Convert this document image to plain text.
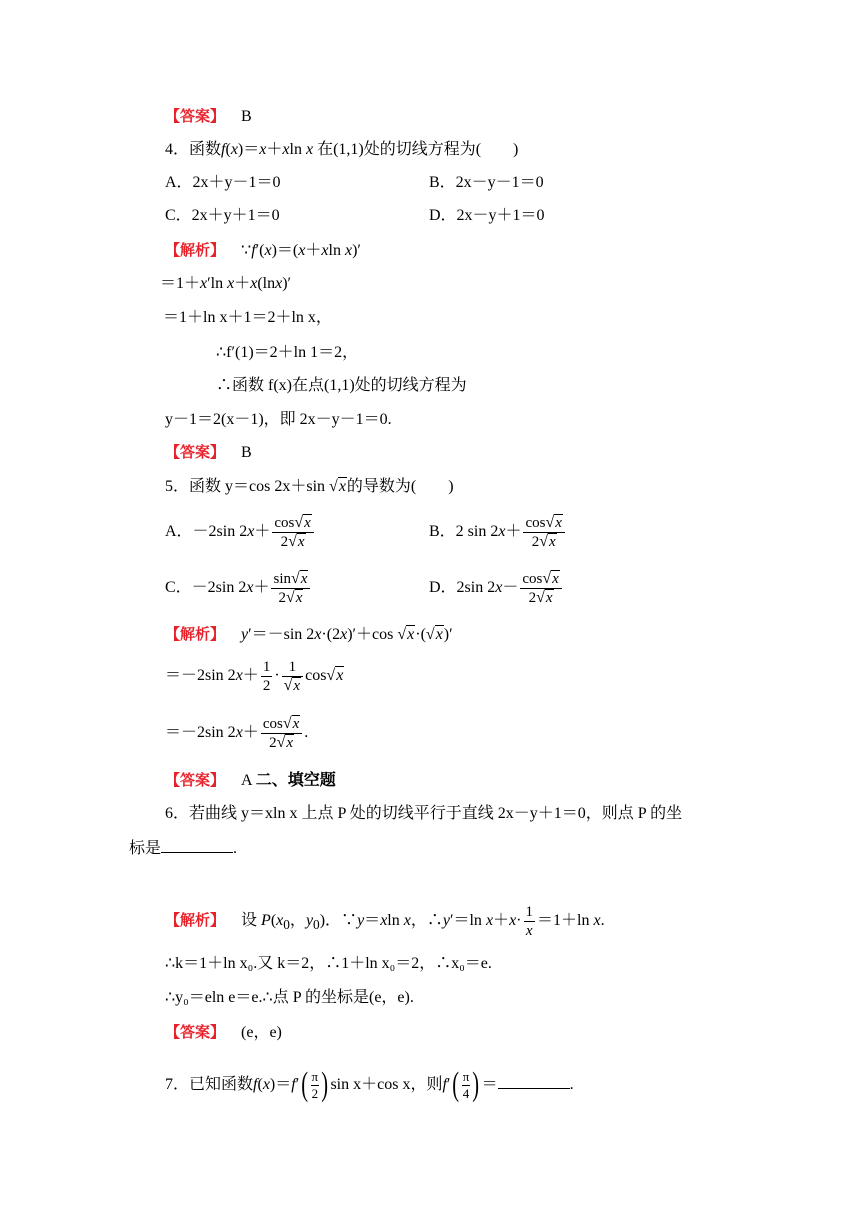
【答案】 B
4．函数f(x)＝x＋xln x 在(1,1)处的切线方程为(　　)
A．2x＋y－1＝0	B．2x－y－1＝0
C．2x＋y＋1＝0	D．2x－y＋1＝0
【解析】 ∵f′(x)＝(x＋xln x)′
＝1＋x′ln x＋x(lnx)′
＝1＋ln x＋1＝2＋ln x，
∴f′(1)＝2＋ln 1＝2，
∴函数 f(x)在点(1,1)处的切线方程为
y－1＝2(x－1)，即 2x－y－1＝0.
【答案】 B
5．函数 y＝cos 2x＋sin √x的导数为(　　)
A．－2sin $2x+ \frac{\cos√x}{2√x}$	B．2 $\sin 2x+ \frac{\cos√x}{2√x}$
C．－2sin $2x+ \frac{\sin√x}{2√x}$	D．2sin $2x- \frac{\cos√x}{2√x}$
【解析】 y′＝－sin 2x·(2x)′＋cos √x·(√x)′
＝－2sin $2x+ \frac{1}{2} \cdot \frac{1}{√x} \cos√x$
＝－2sin $2x+ \frac{\cos√x}{2√x}$ .
【答案】 A 二、填空题
6．若曲线 y＝xln x 上点 P 处的切线平行于直线 2x－y＋1＝0，则点 P 的坐
标是	.
【解析】 设 $P(x_0$，$y_0$)．∵y＝xln x，∴y′＝ln $x+x\cdot \frac{1}{x} =1+\ln$ x.
∴k＝1＋ln x₀.又 k＝2，∴1＋ln x₀＝2，∴x₀＝e.
∴y₀＝eln e＝e.∴点 P 的坐标是(e，e).
【答案】 (e，e)
7．已知函数$f(x)=f'( \frac{\pi}{2}$ ) sin x＋cos x，则$f'( \frac{\pi}{4}$ ) ＝	.
